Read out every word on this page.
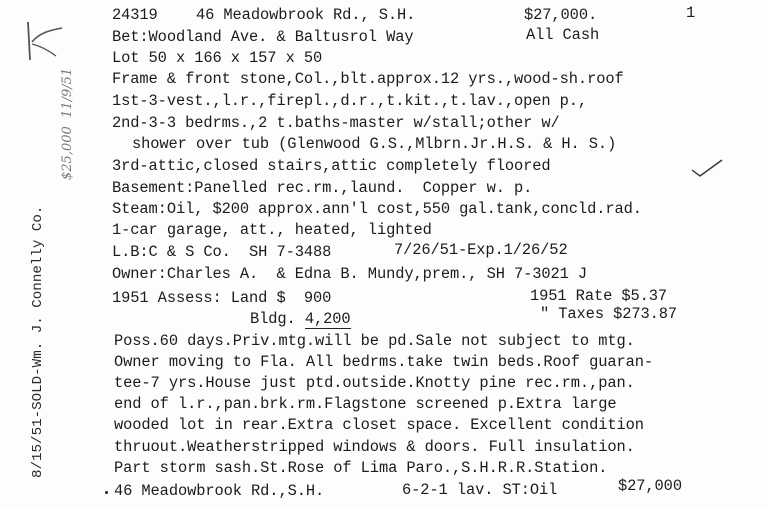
8/15/51-SOLD-Wm. J. Connelly Co.
$25,000  11/9/51
24319 46 Meadowbrook Rd., S.H.	$27,000.	1
Bet:Woodland Ave. & Baltusrol Way	All Cash
Lot 50 x 166 x 157 x 50
Frame & front stone,Col.,blt.approx.12 yrs.,wood-sh.roof
1st-3-vest.,l.r.,firepl.,d.r.,t.kit.,t.lav.,open p.,
2nd-3-3 bedrms.,2 t.baths-master w/stall;other w/
shower over tub (Glenwood G.S.,Mlbrn.Jr.H.S. & H. S.)
3rd-attic,closed stairs,attic completely floored
Basement:Panelled rec.rm.,laund.  Copper w. p.
Steam:Oil, $200 approx.ann'l cost,550 gal.tank,concld.rad.
1-car garage, att., heated, lighted
L.B:C & S Co.  SH 7-3488	7/26/51-Exp.1/26/52
Owner:Charles A.  & Edna B. Mundy,prem., SH 7-3021 J
1951 Assess: Land $  900	1951 Rate $5.37
Bldg. 4,200	" Taxes $273.87
Poss.60 days.Priv.mtg.will be pd.Sale not subject to mtg.
Owner moving to Fla. All bedrms.take twin beds.Roof guaran-
tee-7 yrs.House just ptd.outside.Knotty pine rec.rm.,pan.
end of l.r.,pan.brk.rm.Flagstone screened p.Extra large
wooded lot in rear.Extra closet space. Excellent condition
thruout.Weatherstripped windows & doors. Full insulation.
Part storm sash.St.Rose of Lima Paro.,S.H.R.R.Station.
46 Meadowbrook Rd.,S.H.	6-2-1 lav. ST:Oil	$27,000
